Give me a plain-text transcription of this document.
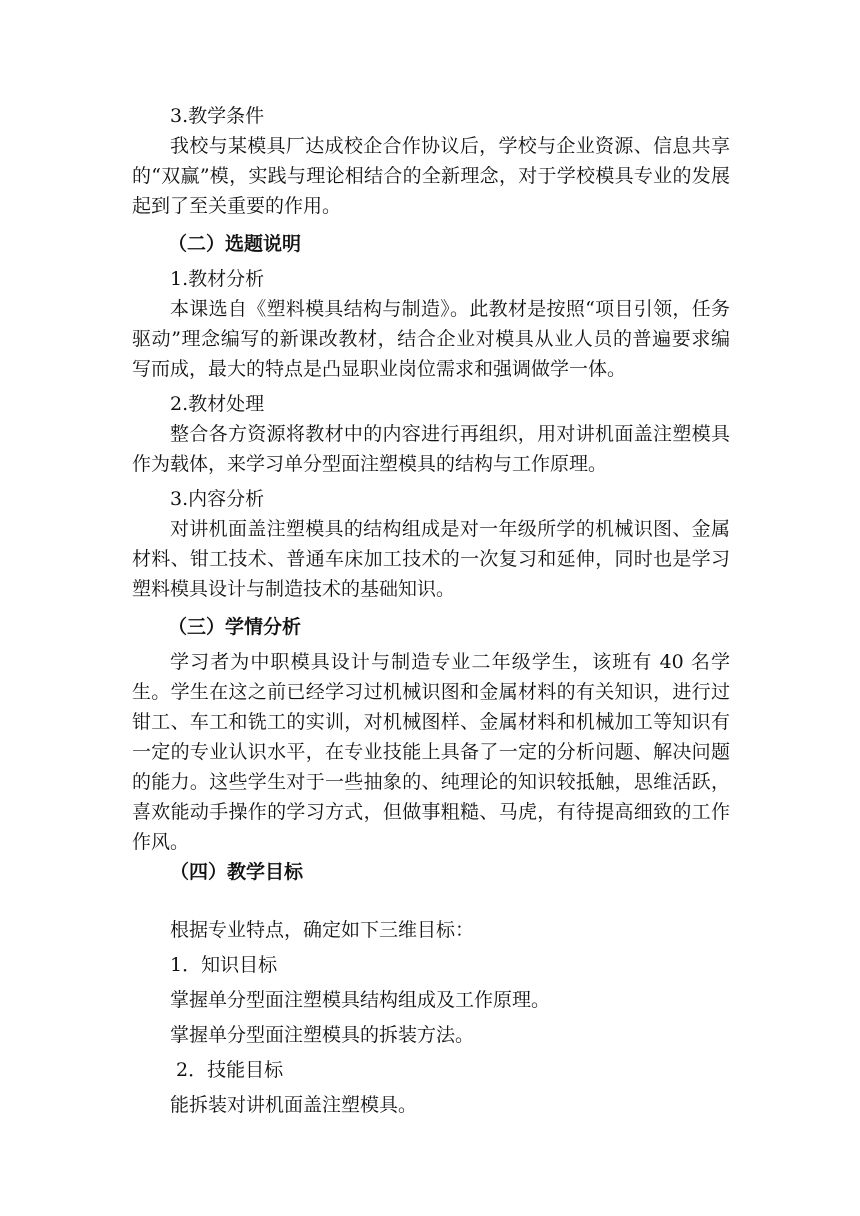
3.教学条件

我校与某模具厂达成校企合作协议后，学校与企业资源、信息共享的“双赢”模，实践与理论相结合的全新理念，对于学校模具专业的发展起到了至关重要的作用。

（二）选题说明
1.教材分析

本课选自《塑料模具结构与制造》。此教材是按照“项目引领，任务驱动”理念编写的新课改教材，结合企业对模具从业人员的普遍要求编写而成，最大的特点是凸显职业岗位需求和强调做学一体。

2.教材处理

整合各方资源将教材中的内容进行再组织，用对讲机面盖注塑模具作为载体，来学习单分型面注塑模具的结构与工作原理。

3.内容分析

对讲机面盖注塑模具的结构组成是对一年级所学的机械识图、金属材料、钳工技术、普通车床加工技术的一次复习和延伸，同时也是学习塑料模具设计与制造技术的基础知识。

（三）学情分析

学习者为中职模具设计与制造专业二年级学生，该班有 40 名学生。学生在这之前已经学习过机械识图和金属材料的有关知识，进行过钳工、车工和铣工的实训，对机械图样、金属材料和机械加工等知识有一定的专业认识水平，在专业技能上具备了一定的分析问题、解决问题的能力。这些学生对于一些抽象的、纯理论的知识较抵触，思维活跃，喜欢能动手操作的学习方式，但做事粗糙、马虎，有待提高细致的工作作风。

（四）教学目标
根据专业特点，确定如下三维目标：
1．知识目标
掌握单分型面注塑模具结构组成及工作原理。
掌握单分型面注塑模具的拆装方法。
2．技能目标
能拆装对讲机面盖注塑模具。
